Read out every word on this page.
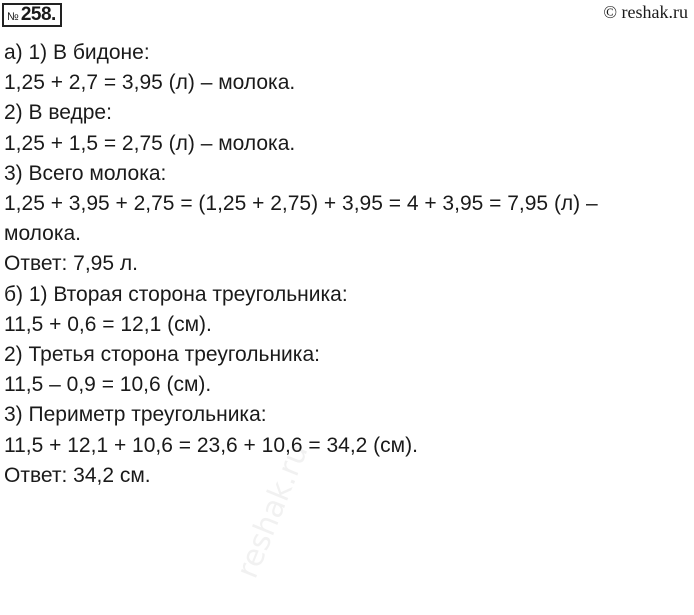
№ 258.	© reshak.ru
а) 1) В бидоне:
1,25 + 2,7 = 3,95 (л) – молока.
2) В ведре:
1,25 + 1,5 = 2,75 (л) – молока.
3) Всего молока:
1,25 + 3,95 + 2,75 = (1,25 + 2,75) + 3,95 = 4 + 3,95 = 7,95 (л) –
молока.
Ответ: 7,95 л.
б) 1) Вторая сторона треугольника:
11,5 + 0,6 = 12,1 (см).
2) Третья сторона треугольника:
11,5 – 0,9 = 10,6 (см).
3) Периметр треугольника:
11,5 + 12,1 + 10,6 = 23,6 + 10,6 = 34,2 (см).
Ответ: 34,2 см.	reshak.ru
